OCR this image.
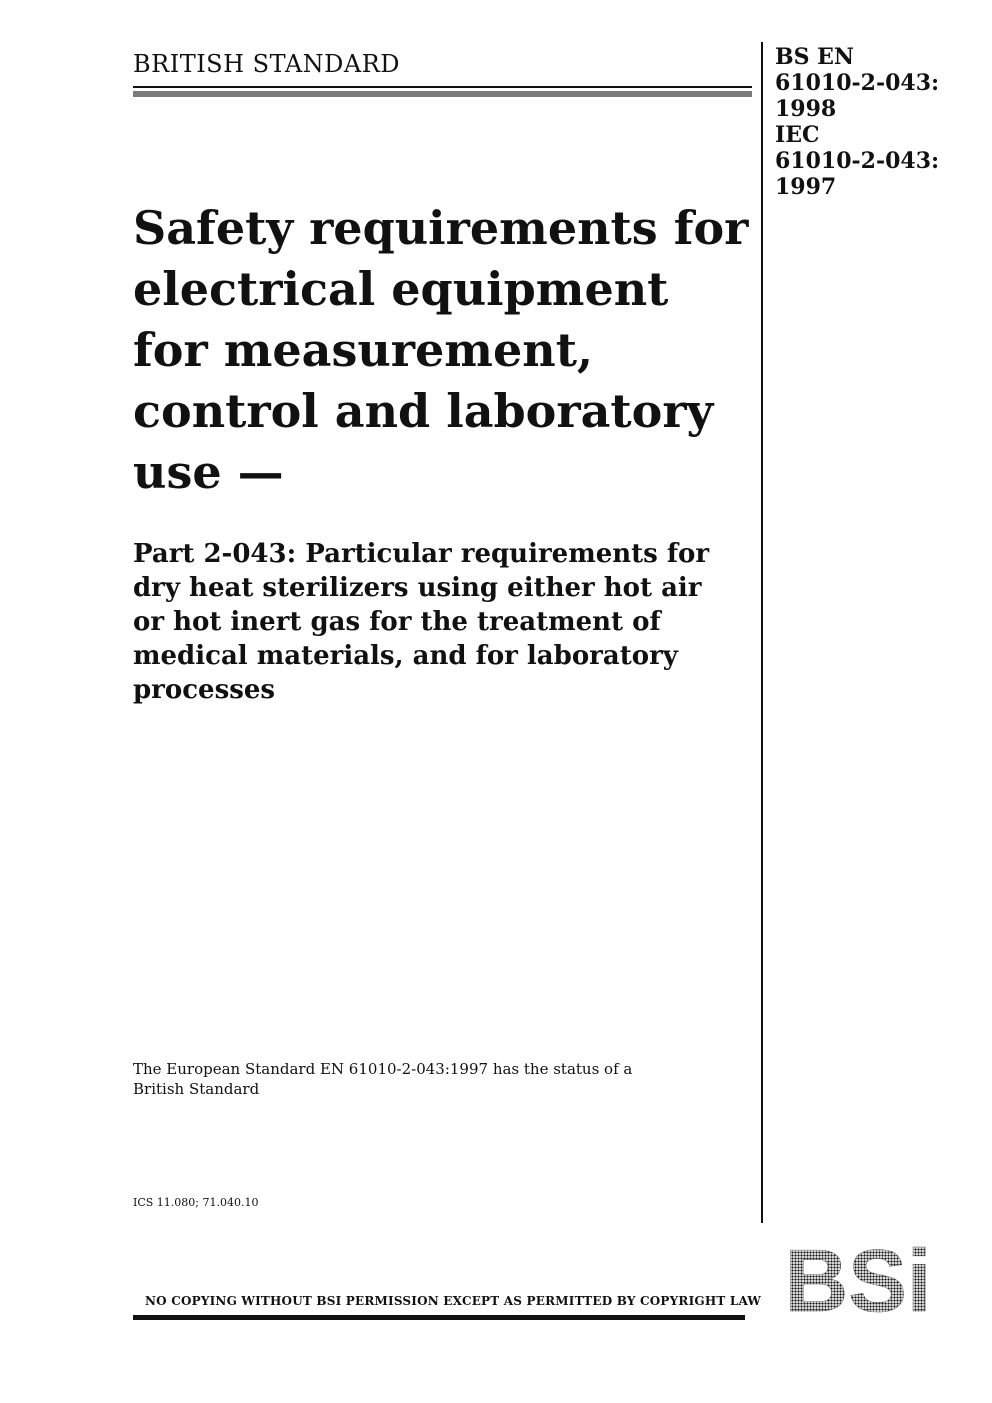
BRITISH STANDARD	BS EN
61010-2-043:
1998
IEC
61010-2-043:
1997
Safety requirements for
electrical equipment
for measurement,
control and laboratory
use —
Part 2-043: Particular requirements for
dry heat sterilizers using either hot air
or hot inert gas for the treatment of
medical materials, and for laboratory
processes
The European Standard EN 61010-2-043:1997 has the status of a
British Standard
ICS 11.080; 71.040.10
NO COPYING WITHOUT BSI PERMISSION EXCEPT AS PERMITTED BY COPYRIGHT LAW BSi
